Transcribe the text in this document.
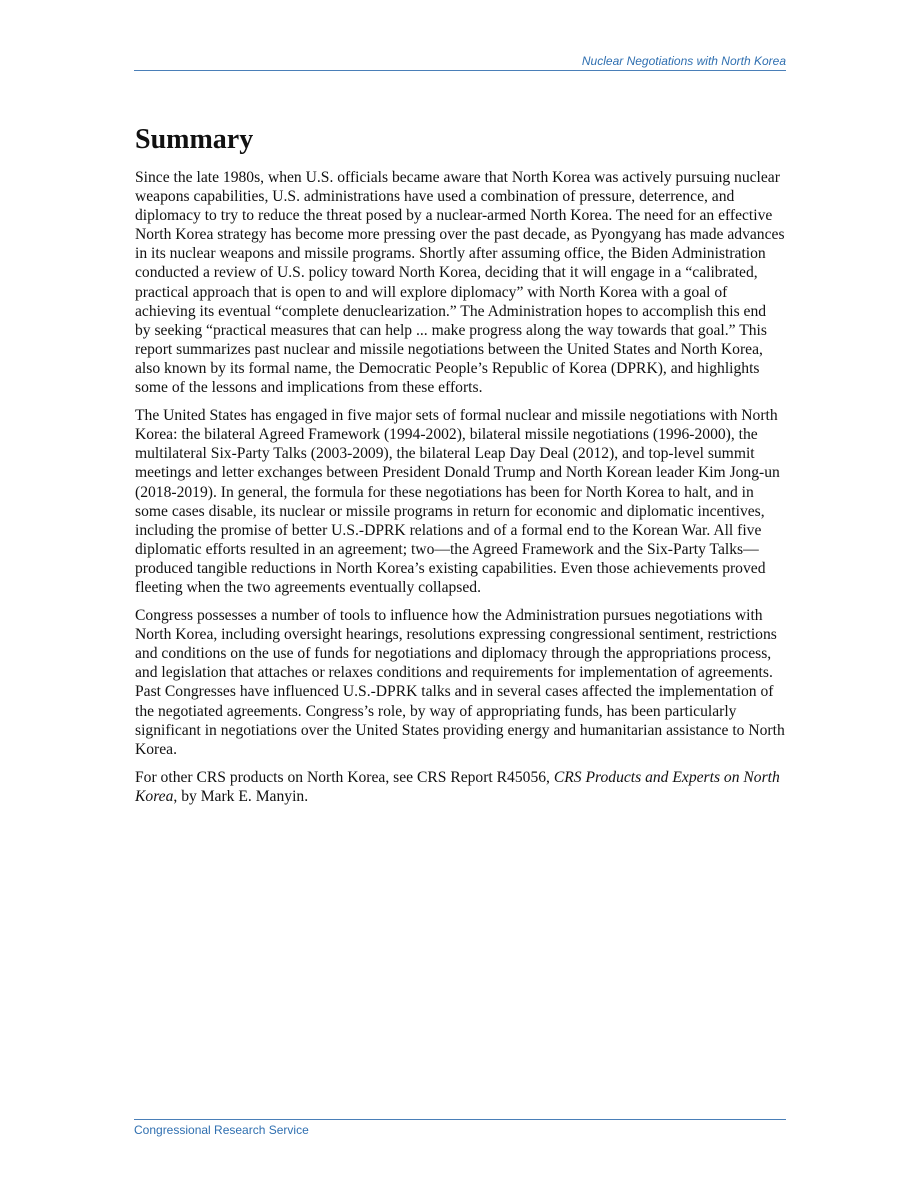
Nuclear Negotiations with North Korea
Summary

Since the late 1980s, when U.S. officials became aware that North Korea was actively pursuing nuclear weapons capabilities, U.S. administrations have used a combination of pressure, deterrence, and diplomacy to try to reduce the threat posed by a nuclear-armed North Korea. The need for an effective North Korea strategy has become more pressing over the past decade, as Pyongyang has made advances in its nuclear weapons and missile programs. Shortly after assuming office, the Biden Administration conducted a review of U.S. policy toward North Korea, deciding that it will engage in a “calibrated, practical approach that is open to and will explore diplomacy” with North Korea with a goal of achieving its eventual “complete denuclearization.” The Administration hopes to accomplish this end by seeking “practical measures that can help ... make progress along the way towards that goal.” This report summarizes past nuclear and missile negotiations between the United States and North Korea, also known by its formal name, the Democratic People’s Republic of Korea (DPRK), and highlights some of the lessons and implications from these efforts.

The United States has engaged in five major sets of formal nuclear and missile negotiations with North Korea: the bilateral Agreed Framework (1994-2002), bilateral missile negotiations (1996-2000), the multilateral Six-Party Talks (2003-2009), the bilateral Leap Day Deal (2012), and top-level summit meetings and letter exchanges between President Donald Trump and North Korean leader Kim Jong-un (2018-2019). In general, the formula for these negotiations has been for North Korea to halt, and in some cases disable, its nuclear or missile programs in return for economic and diplomatic incentives, including the promise of better U.S.-DPRK relations and of a formal end to the Korean War. All five diplomatic efforts resulted in an agreement; two—the Agreed Framework and the Six-Party Talks—produced tangible reductions in North Korea’s existing capabilities. Even those achievements proved fleeting when the two agreements eventually collapsed.

Congress possesses a number of tools to influence how the Administration pursues negotiations with North Korea, including oversight hearings, resolutions expressing congressional sentiment, restrictions and conditions on the use of funds for negotiations and diplomacy through the appropriations process, and legislation that attaches or relaxes conditions and requirements for implementation of agreements. Past Congresses have influenced U.S.-DPRK talks and in several cases affected the implementation of the negotiated agreements. Congress’s role, by way of appropriating funds, has been particularly significant in negotiations over the United States providing energy and humanitarian assistance to North Korea.

For other CRS products on North Korea, see CRS Report R45056, CRS Products and Experts on North Korea, by Mark E. Manyin.

Congressional Research Service
